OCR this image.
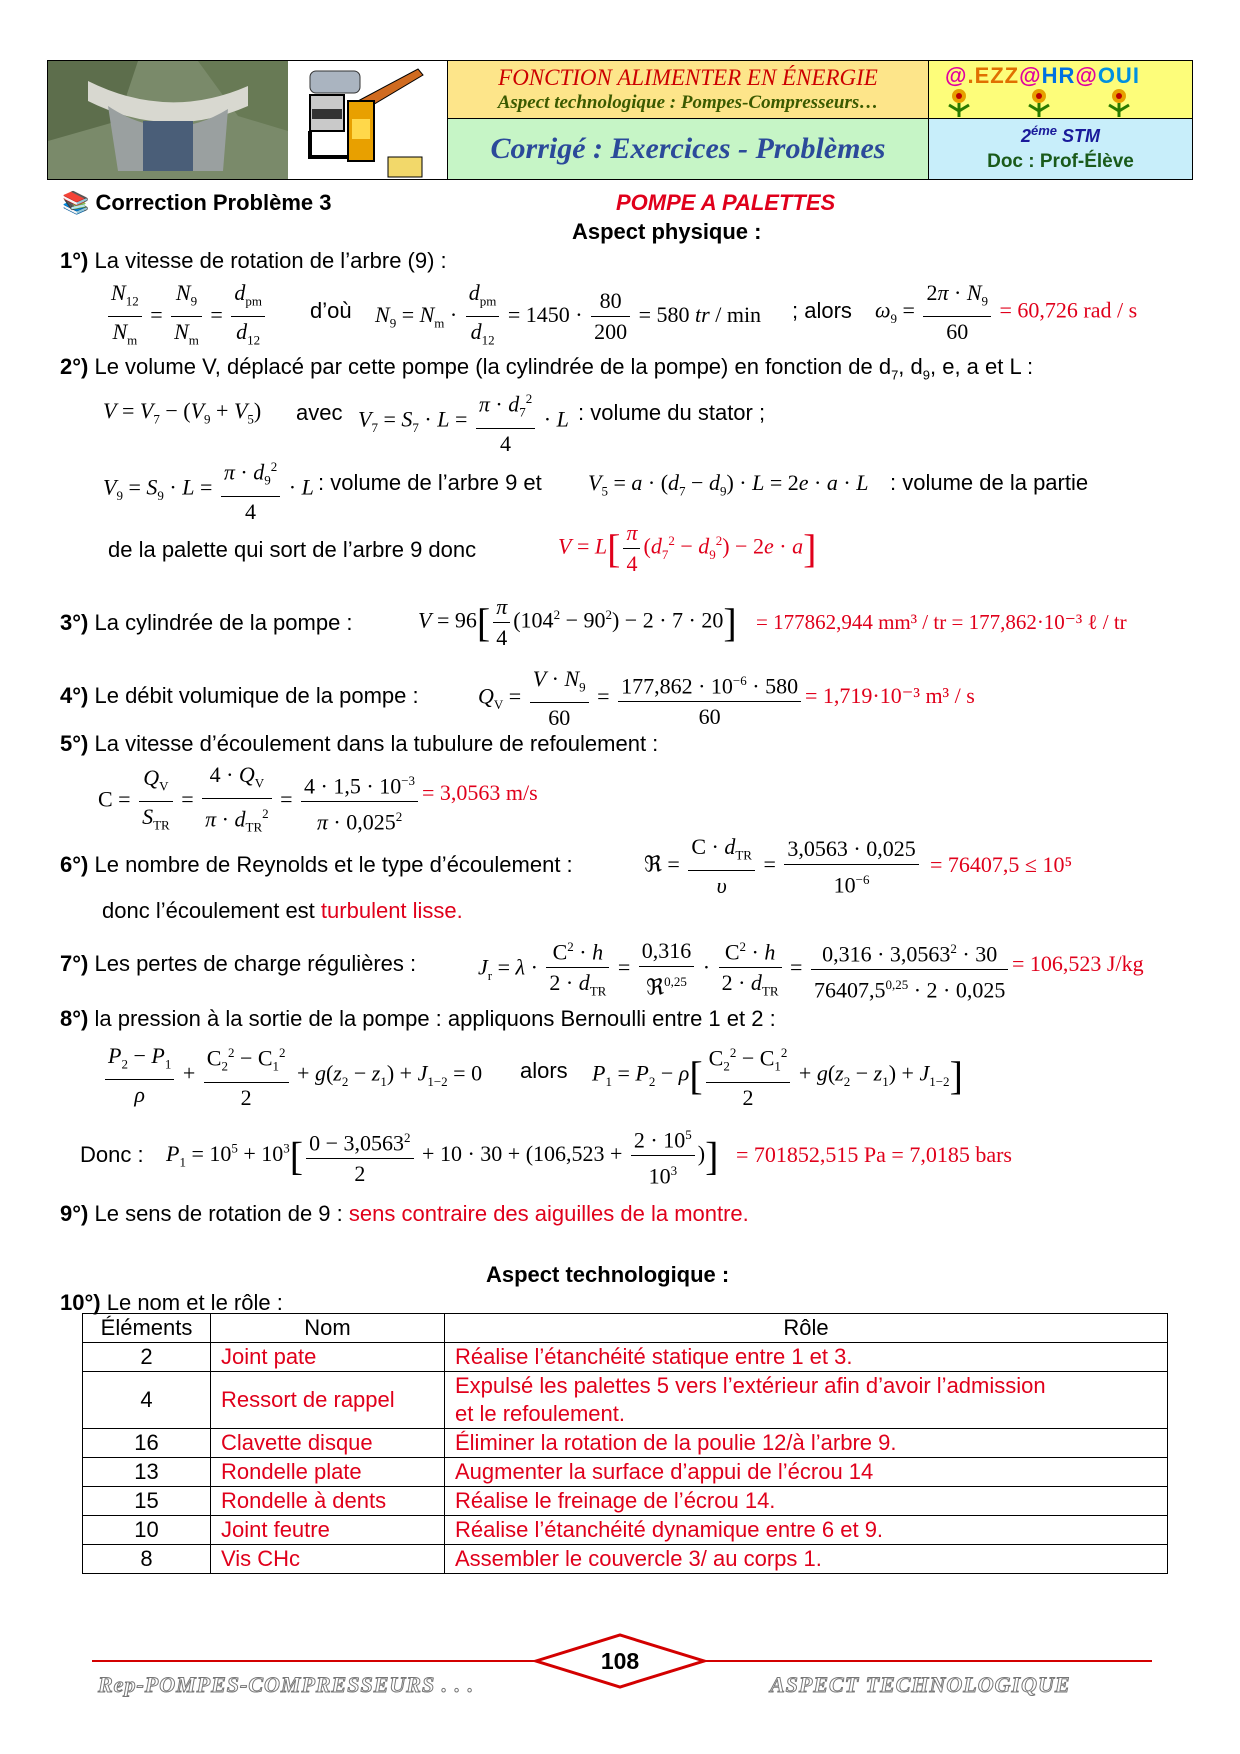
FONCTION ALIMENTER EN ÉNERGIE
Aspect technologique : Pompes-Compresseurs…
Corrigé : Exercices - Problèmes
@.EZZ@HR@OUI
$2^{éme}$ STM
Doc : Prof-Élève
📚 Correction Problème 3	POMPE A PALETTES
Aspect physique :
1°) La vitesse de rotation de l’arbre (9) :
$\frac{N_{12}}{N_m} = \frac{N_9}{N_m} = \frac{d_{pm}}{d_{12}}$ d’où $N_9 = N_m \cdot \frac{d_{pm}}{d_{12}} = 1450 \cdot \frac{80}{200} = 580$ tr / min ; alors $\omega_9 = \frac{2\pi \cdot N_9}{60} = 60,726$ rad / s
2°) Le volume V, déplacé par cette pompe (la cylindrée de la pompe) en fonction de $d_7$, $d_9$, e, a et L :
$V = V_7 - (V_9 + V_5)$ avec $V_7 = S_7 \cdot L = \frac{\pi \cdot d_7^2}{4} \cdot L$ : volume du stator ;
$V_9 = S_9 \cdot L = \frac{\pi \cdot d_9^2}{4} \cdot L$ : volume de l’arbre 9 et $V_5 = a \cdot (d_7 - d_9) \cdot L = 2e \cdot a \cdot L$ : volume de la partie
de la palette qui sort de l’arbre 9 donc	$V = L[ \frac{\pi}{4} (d_7^2 - d_9^2) - 2e \cdot a]$
3°) La cylindrée de la pompe :	$V = 96[ \frac{\pi}{4} (104^2 - 90^2) - 2 \cdot 7 \cdot 20] = 177862,944$ mm³ / tr = 177,862·10⁻³ ℓ / tr
4°) Le débit volumique de la pompe :	$Q_V = \frac{V \cdot N_9}{60} = \frac{177,862 \cdot 10^{-6} \cdot 580}{60} = 1,719\cdot 10^{-3}$ m³ / s
5°) La vitesse d’écoulement dans la tubulure de refoulement :
$C = \frac{Q_V}{S_{TR}} = \frac{4 \cdot Q_V}{\pi \cdot d_{TR}^2} = \frac{4 \cdot 1,5 \cdot 10^{-3}}{\pi \cdot 0,025^2} = 3,0563$ m/s
6°) Le nombre de Reynolds et le type d’écoulement :	ℜ = $\frac{C \cdot d_{TR}}{\upsilon} = \frac{3,0563 \cdot 0,025}{10^{-6}} = 76407,5 \le 10^5$
donc l’écoulement est turbulent lisse.
7°) Les pertes de charge régulières :	$J_r = \lambda \cdot \frac{C^2 \cdot h}{2 \cdot d_{TR}} = \frac{0,316}{ℜ^{0,25}} \cdot \frac{C^2 \cdot h}{2 \cdot d_{TR}} = \frac{0,316 \cdot 3,0563^2 \cdot 30}{76407,5^{0,25} \cdot 2 \cdot 0,025} = 106,523$ J/kg
8°) la pression à la sortie de la pompe : appliquons Bernoulli entre 1 et 2 :
$\frac{P_2 - P_1}{\rho} + \frac{C_2^2 - C_1^2}{2} + g(z_2 - z_1) + J_{1-2} = 0$ alors $P_1 = P_2 - \rho[ \frac{C_2^2 - C_1^2}{2} + g(z_2 - z_1) + J_{1-2}]$
Donc : $P_1 = 10^5 + 10^3[ \frac{0 - 3,0563^2}{2} + 10 \cdot 30 + (106,523 + \frac{2 \cdot 10^5}{10^3}$ )] = 701852,515 Pa = 7,0185 bars
9°) Le sens de rotation de 9 : sens contraire des aiguilles de la montre.
Aspect technologique :
10°) Le nom et le rôle :
Éléments	Nom	Rôle
2	Joint pate	Réalise l’étanchéité statique entre 1 et 3.
4	Ressort de rappel	Expulsé les palettes 5 vers l’extérieur afin d’avoir l’admission
et le refoulement.

16	Clavette disque	Éliminer la rotation de la poulie 12/à l’arbre 9.
13	Rondelle plate	Augmenter la surface d’appui de l’écrou 14
15	Rondelle à dents	Réalise le freinage de l’écrou 14.
10	Joint feutre	Réalise l’étanchéité dynamique entre 6 et 9.
8	Vis CHc	Assembler le couvercle 3/ au corps 1.
108
Rep-POMPES-COMPRESSEURS . . .	ASPECT TECHNOLOGIQUE
